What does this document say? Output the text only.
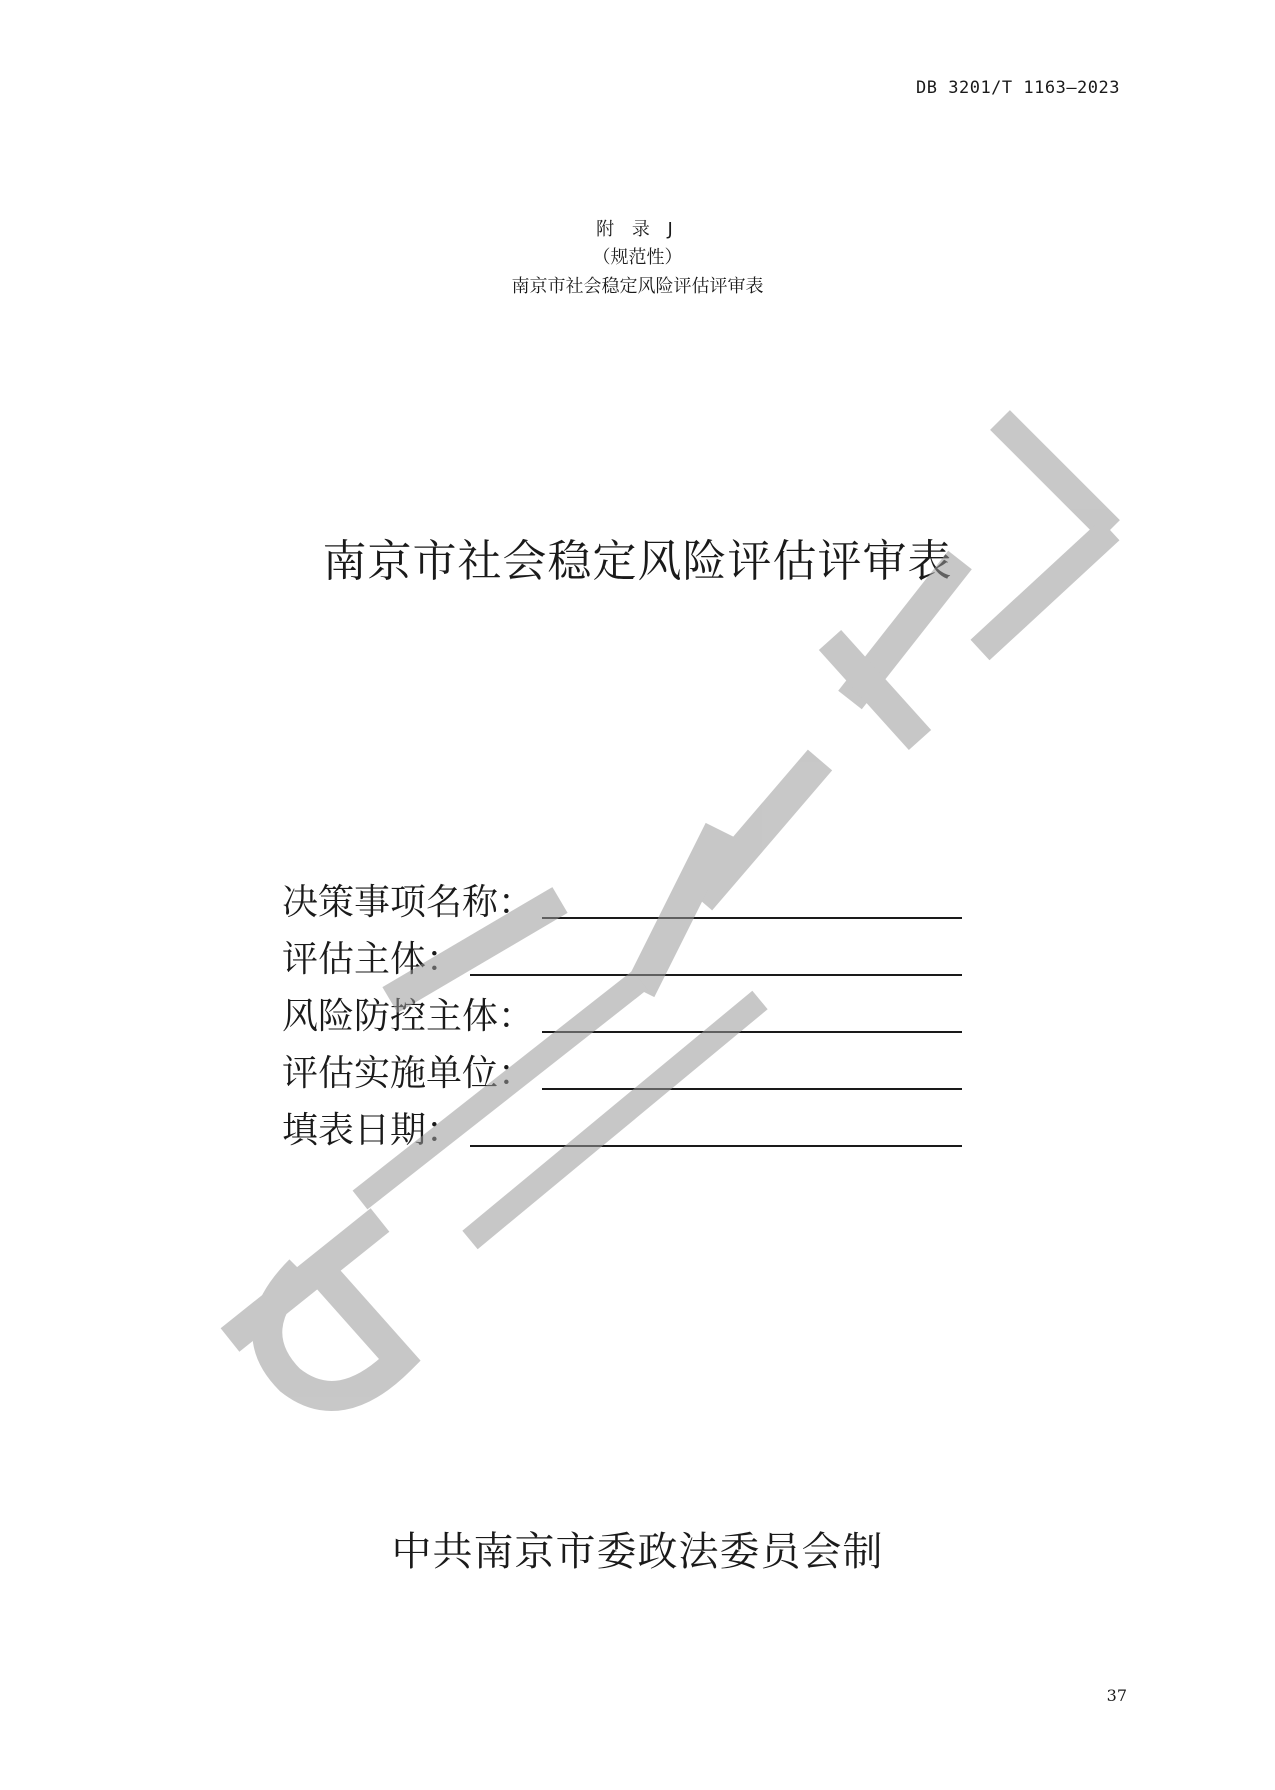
DB 3201/T 1163—2023
附 录 J
（规范性）
南京市社会稳定风险评估评审表
南京市社会稳定风险评估评审表
决策事项名称：
评估主体：
风险防控主体：
评估实施单位：
填表日期：
中共南京市委政法委员会制
37
